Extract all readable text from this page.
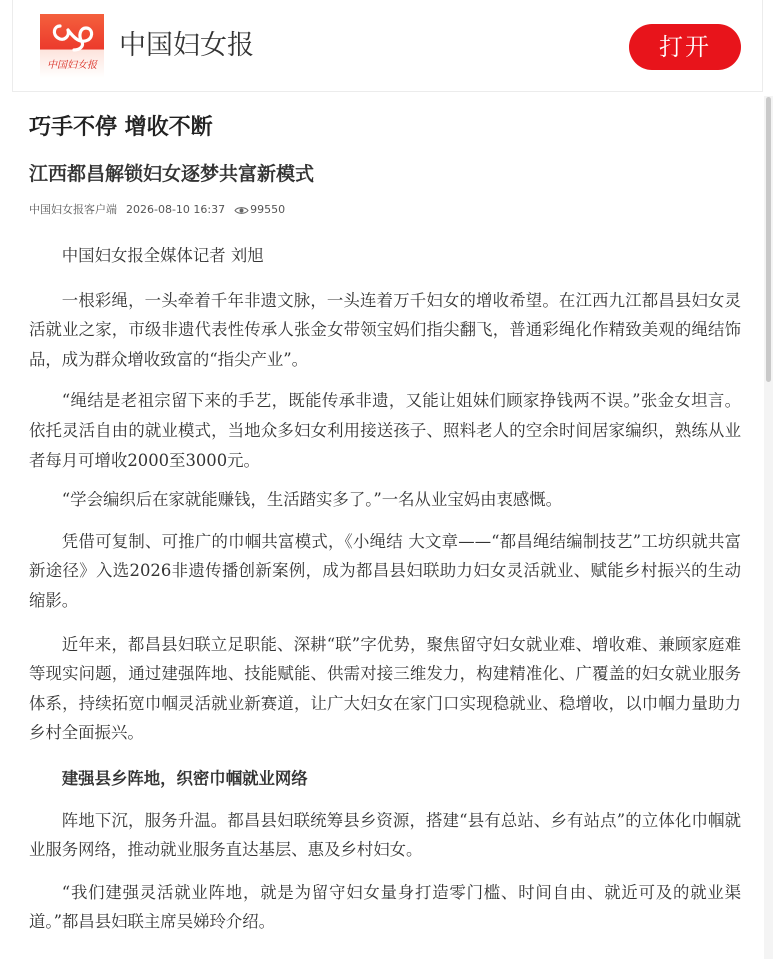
中国妇女报
中国妇女报	打开
巧手不停 增收不断
江西都昌解锁妇女逐梦共富新模式
中国妇女报客户端 2026-08-10 16:37 99550

中国妇女报全媒体记者 刘旭

一根彩绳，一头牵着千年非遗文脉，一头连着万千妇女的增收希望。在江西九江都昌县妇女灵活就业之家，市级非遗代表性传承人张金女带领宝妈们指尖翻飞，普通彩绳化作精致美观的绳结饰品，成为群众增收致富的“指尖产业”。

“绳结是老祖宗留下来的手艺，既能传承非遗，又能让姐妹们顾家挣钱两不误。”张金女坦言。依托灵活自由的就业模式，当地众多妇女利用接送孩子、照料老人的空余时间居家编织，熟练从业者每月可增收2000至3000元。

“学会编织后在家就能赚钱，生活踏实多了。”一名从业宝妈由衷感慨。

凭借可复制、可推广的巾帼共富模式，《小绳结 大文章——“都昌绳结编制技艺”工坊织就共富新途径》入选2026非遗传播创新案例，成为都昌县妇联助力妇女灵活就业、赋能乡村振兴的生动缩影。

近年来，都昌县妇联立足职能、深耕“联”字优势，聚焦留守妇女就业难、增收难、兼顾家庭难等现实问题，通过建强阵地、技能赋能、供需对接三维发力，构建精准化、广覆盖的妇女就业服务体系，持续拓宽巾帼灵活就业新赛道，让广大妇女在家门口实现稳就业、稳增收，以巾帼力量助力乡村全面振兴。

建强县乡阵地，织密巾帼就业网络

阵地下沉，服务升温。都昌县妇联统筹县乡资源，搭建“县有总站、乡有站点”的立体化巾帼就业服务网络，推动就业服务直达基层、惠及乡村妇女。

“我们建强灵活就业阵地，就是为留守妇女量身打造零门槛、时间自由、就近可及的就业渠道。”都昌县妇联主席吴娣玲介绍。
